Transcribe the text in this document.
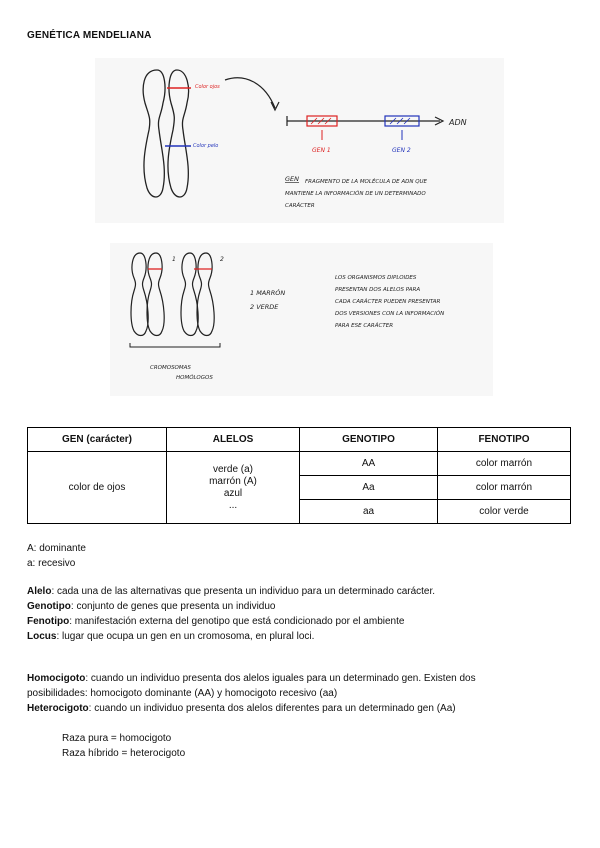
GENÉTICA MENDELIANA
Color ojos
Color pelo
ADN
GEN 1	GEN 2
GEN FRAGMENTO DE LA MOLÉCULA DE ADN QUE
MANTIENE LA INFORMACIÓN DE UN DETERMINADO
CARÁCTER
1	2
CROMOSOMAS
HOMÓLOGOS
1 MARRÓN
2 VERDE
LOS ORGANISMOS DIPLOIDES
PRESENTAN DOS ALELOS PARA
CADA CARÁCTER PUEDEN PRESENTAR
DOS VERSIONES CON LA INFORMACIÓN
PARA ESE CARÁCTER
GEN (carácter)	ALELOS	GENOTIPO	FENOTIPO
color de ojos	verde (a)
marrón (A)
azul
...	AA	color marrón
		Aa	color marrón
		aa	color verde
A: dominante
a: recesivo
Alelo: cada una de las alternativas que presenta un individuo para un determinado carácter.
Genotipo: conjunto de genes que presenta un individuo
Fenotipo: manifestación externa del genotipo que está condicionado por el ambiente
Locus: lugar que ocupa un gen en un cromosoma, en plural loci.
Homocigoto: cuando un individuo presenta dos alelos iguales para un determinado gen. Existen dos posibilidades: homocigoto dominante (AA) y homocigoto recesivo (aa)
Heterocigoto: cuando un individuo presenta dos alelos diferentes para un determinado gen (Aa)
Raza pura = homocigoto
Raza híbrido = heterocigoto
